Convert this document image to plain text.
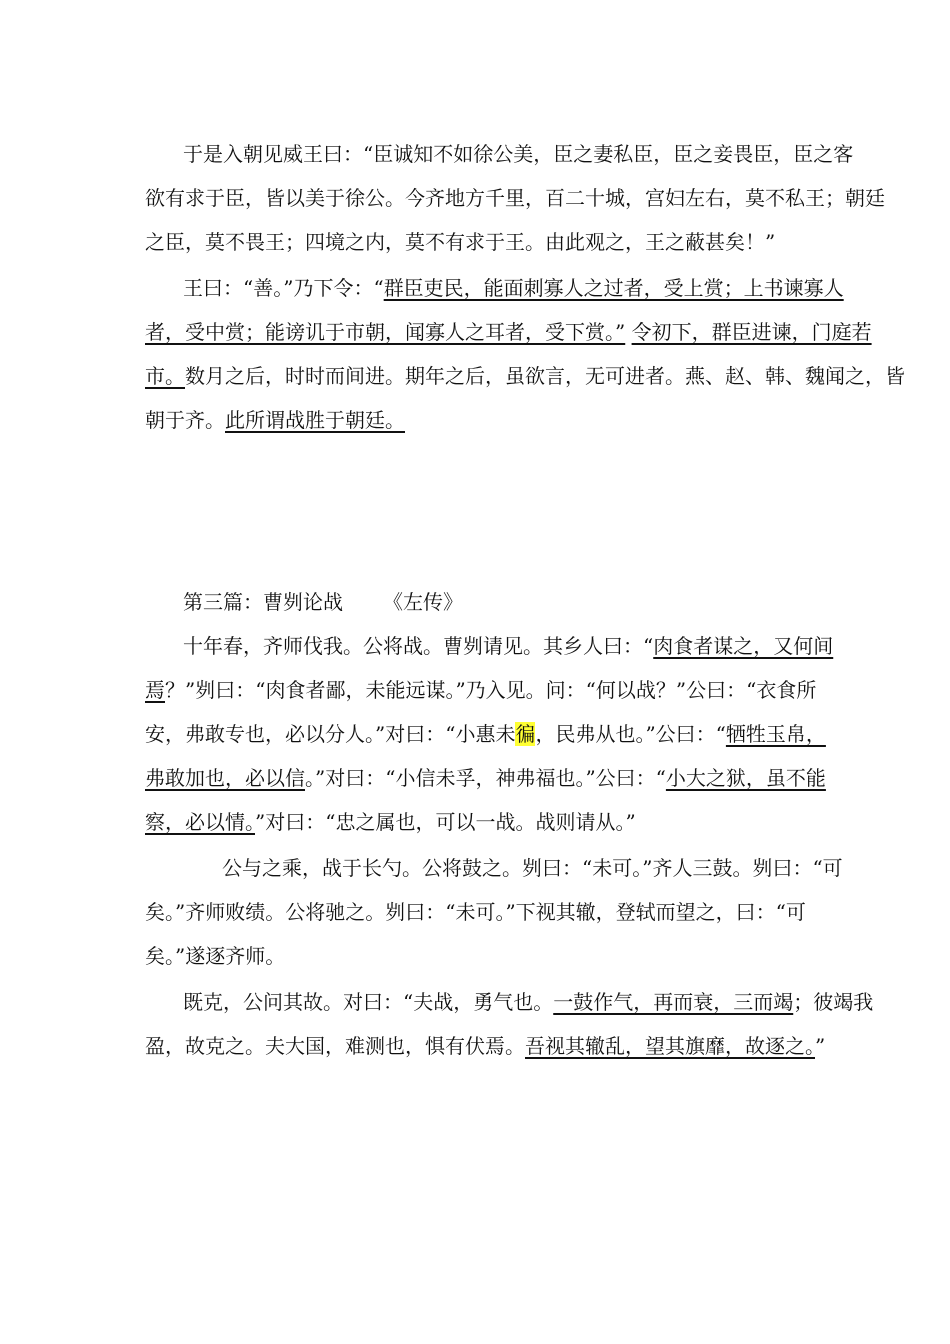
于是入朝见威王曰：“臣诚知不如徐公美，臣之妻私臣，臣之妾畏臣，臣之客
欲有求于臣，皆以美于徐公。今齐地方千里，百二十城，宫妇左右，莫不私王；朝廷
之臣，莫不畏王；四境之内，莫不有求于王。由此观之，王之蔽甚矣！”
王曰：“善。”乃下令：“群臣吏民，能面刺寡人之过者，受上赏；上书谏寡人
者，受中赏；能谤讥于市朝，闻寡人之耳者，受下赏。” 令初下，群臣进谏，门庭若
市。数月之后，时时而间进。期年之后，虽欲言，无可进者。燕、赵、韩、魏闻之，皆
朝于齐。此所谓战胜于朝廷。
第三篇：曹刿论战 《左传》
十年春，齐师伐我。公将战。曹刿请见。其乡人曰：“肉食者谋之，又何间
焉？”刿曰：“肉食者鄙，未能远谋。”乃入见。问：“何以战？”公曰：“衣食所
安，弗敢专也，必以分人。”对曰：“小惠未徧，民弗从也。”公曰：“牺牲玉帛，
弗敢加也，必以信。”对曰：“小信未孚，神弗福也。”公曰：“小大之狱，虽不能
察，必以情。”对曰：“忠之属也，可以一战。战则请从。”
公与之乘，战于长勺。公将鼓之。刿曰：“未可。”齐人三鼓。刿曰：“可
矣。”齐师败绩。公将驰之。刿曰：“未可。”下视其辙，登轼而望之，曰：“可
矣。”遂逐齐师。
既克，公问其故。对曰：“夫战，勇气也。一鼓作气，再而衰，三而竭；彼竭我
盈，故克之。夫大国，难测也，惧有伏焉。吾视其辙乱，望其旗靡，故逐之。”
